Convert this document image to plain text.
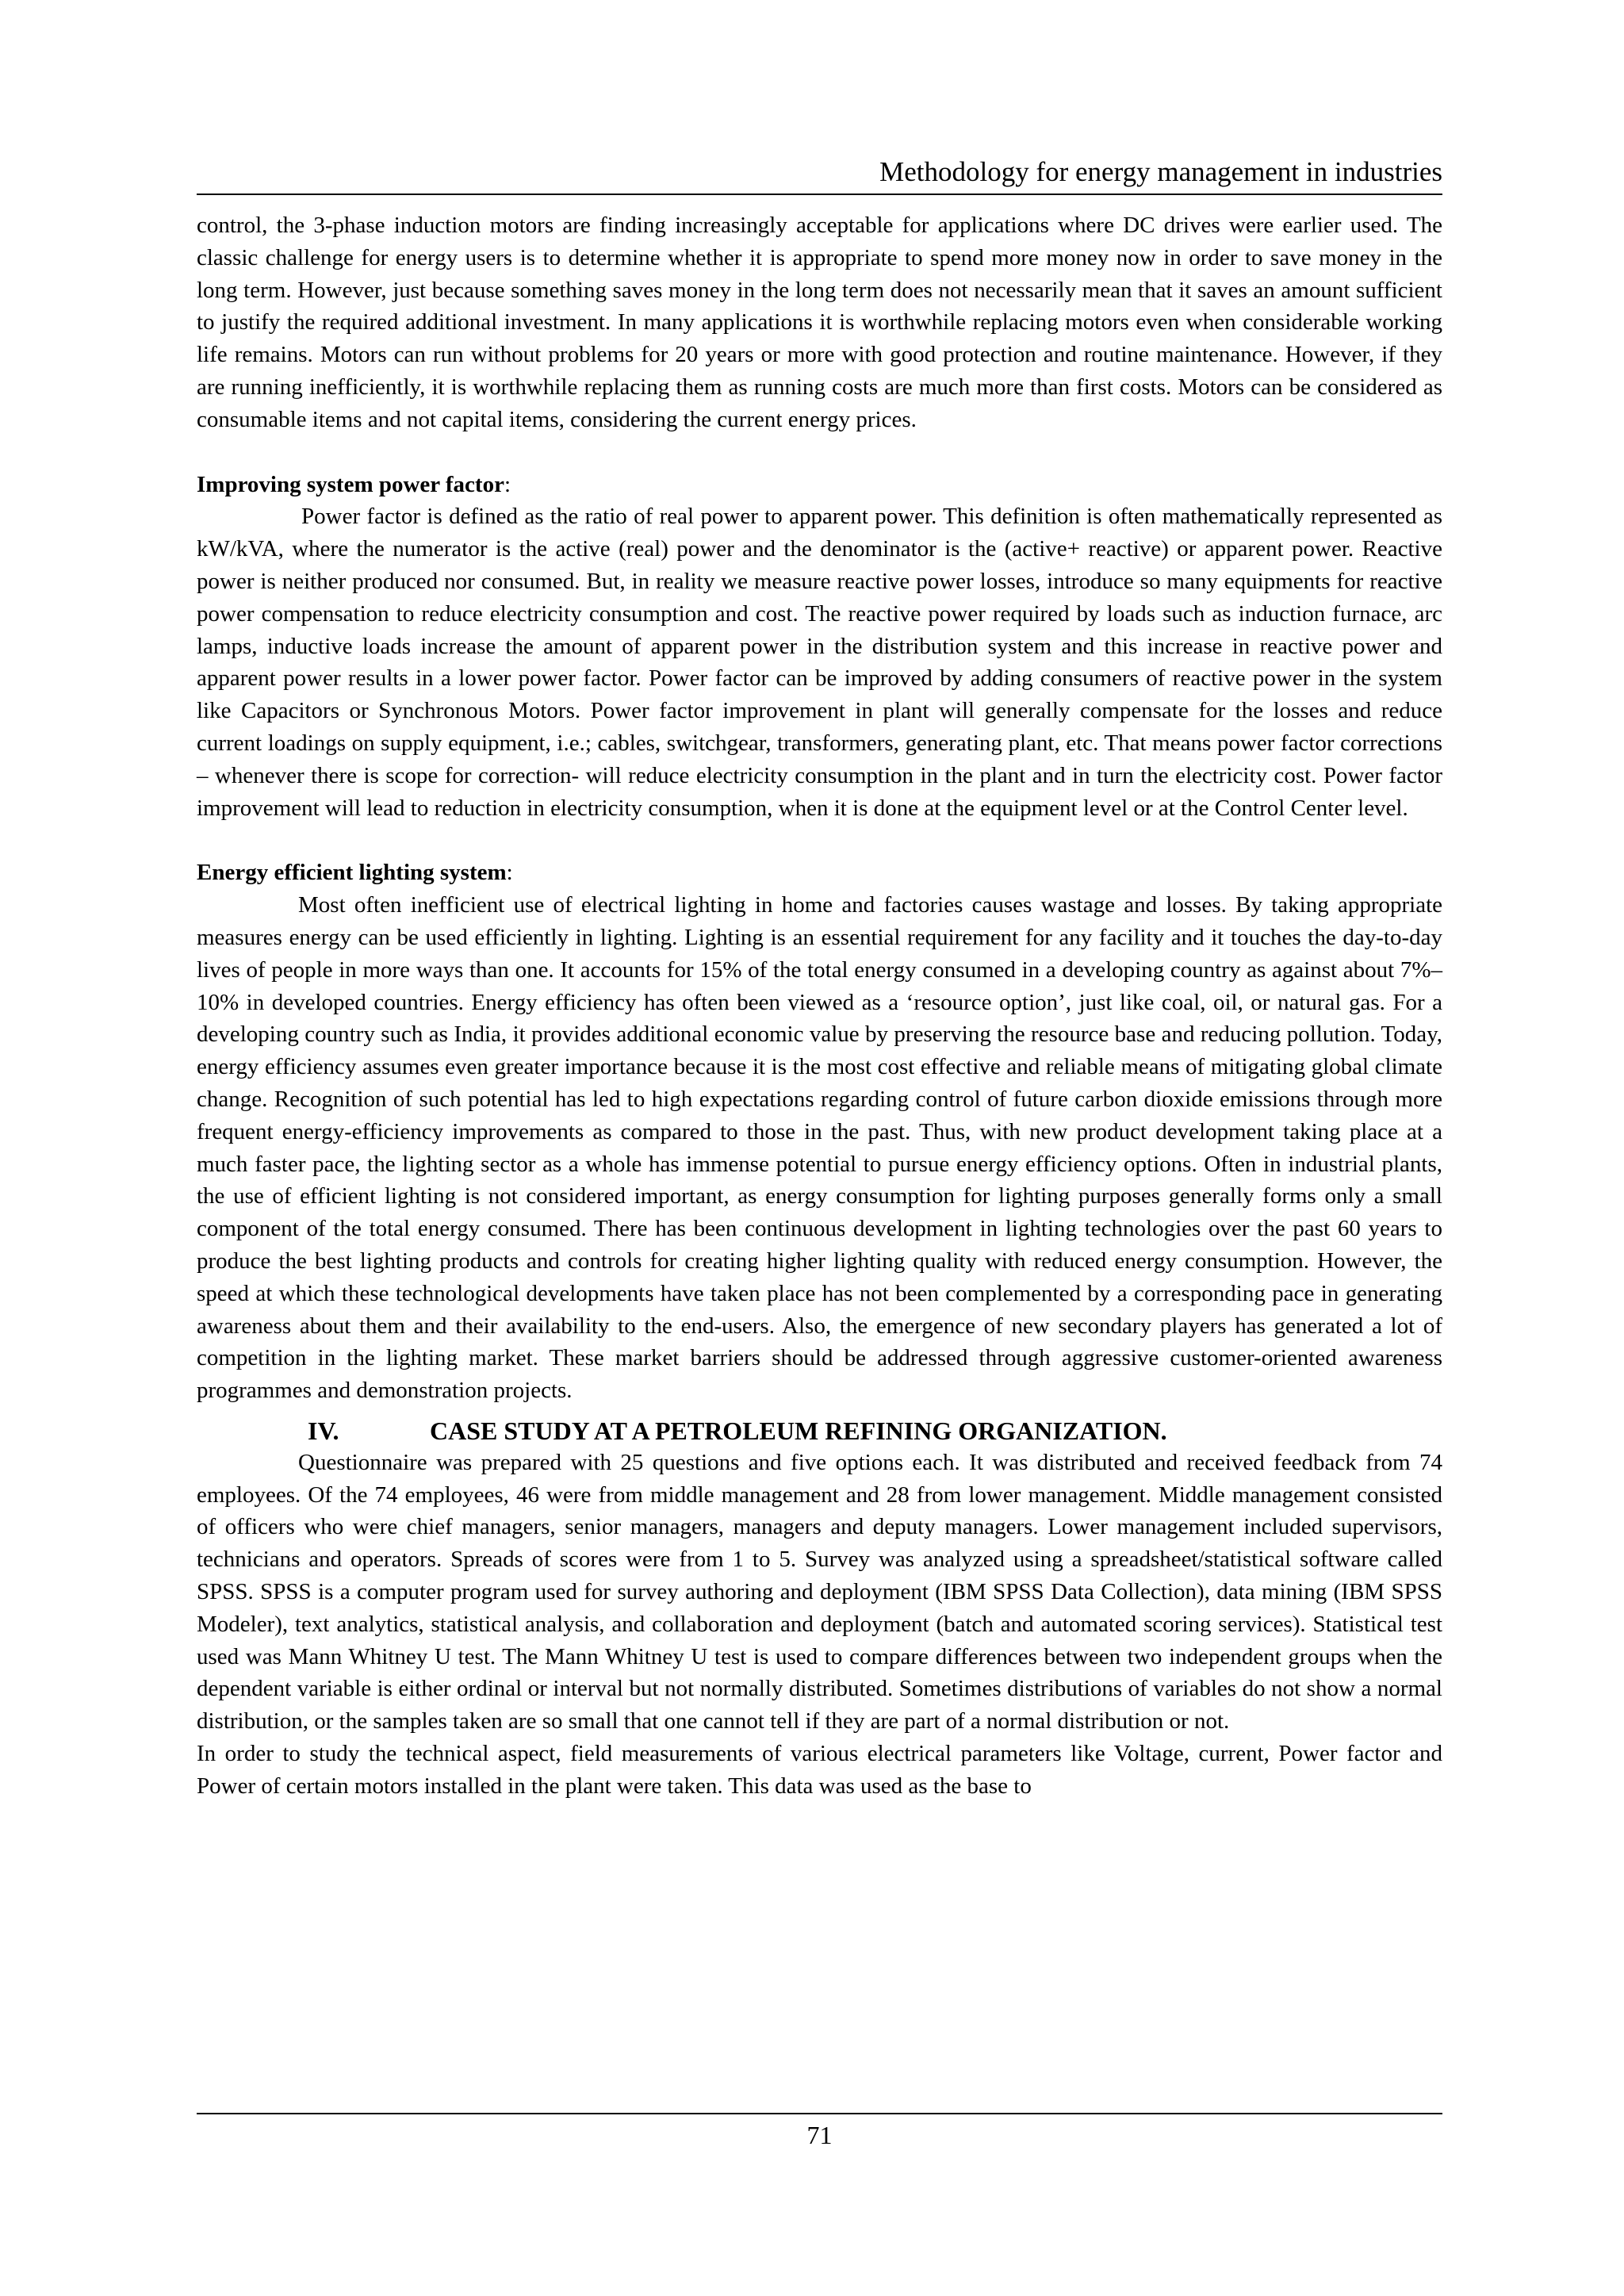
Methodology for energy management in industries

control, the 3-phase induction motors are finding increasingly acceptable for applications where DC drives were earlier used. The classic challenge for energy users is to determine whether it is appropriate to spend more money now in order to save money in the long term. However, just because something saves money in the long term does not necessarily mean that it saves an amount sufficient to justify the required additional investment. In many applications it is worthwhile replacing motors even when considerable working life remains. Motors can run without problems for 20 years or more with good protection and routine maintenance. However, if they are running inefficiently, it is worthwhile replacing them as running costs are much more than first costs. Motors can be considered as consumable items and not capital items, considering the current energy prices.

Improving system power factor:

Power factor is defined as the ratio of real power to apparent power. This definition is often mathematically represented as kW/kVA, where the numerator is the active (real) power and the denominator is the (active+ reactive) or apparent power. Reactive power is neither produced nor consumed. But, in reality we measure reactive power losses, introduce so many equipments for reactive power compensation to reduce electricity consumption and cost. The reactive power required by loads such as induction furnace, arc lamps, inductive loads increase the amount of apparent power in the distribution system and this increase in reactive power and apparent power results in a lower power factor. Power factor can be improved by adding consumers of reactive power in the system like Capacitors or Synchronous Motors. Power factor improvement in plant will generally compensate for the losses and reduce current loadings on supply equipment, i.e.; cables, switchgear, transformers, generating plant, etc. That means power factor corrections – whenever there is scope for correction- will reduce electricity consumption in the plant and in turn the electricity cost. Power factor improvement will lead to reduction in electricity consumption, when it is done at the equipment level or at the Control Center level.

Energy efficient lighting system:

Most often inefficient use of electrical lighting in home and factories causes wastage and losses. By taking appropriate measures energy can be used efficiently in lighting. Lighting is an essential requirement for any facility and it touches the day-to-day lives of people in more ways than one. It accounts for 15% of the total energy consumed in a developing country as against about 7%–10% in developed countries. Energy efficiency has often been viewed as a ‘resource option’, just like coal, oil, or natural gas. For a developing country such as India, it provides additional economic value by preserving the resource base and reducing pollution. Today, energy efficiency assumes even greater importance because it is the most cost effective and reliable means of mitigating global climate change. Recognition of such potential has led to high expectations regarding control of future carbon dioxide emissions through more frequent energy-efficiency improvements as compared to those in the past. Thus, with new product development taking place at a much faster pace, the lighting sector as a whole has immense potential to pursue energy efficiency options. Often in industrial plants, the use of efficient lighting is not considered important, as energy consumption for lighting purposes generally forms only a small component of the total energy consumed. There has been continuous development in lighting technologies over the past 60 years to produce the best lighting products and controls for creating higher lighting quality with reduced energy consumption. However, the speed at which these technological developments have taken place has not been complemented by a corresponding pace in generating awareness about them and their availability to the end-users. Also, the emergence of new secondary players has generated a lot of competition in the lighting market. These market barriers should be addressed through aggressive customer-oriented awareness programmes and demonstration projects.

IV.	CASE STUDY AT A PETROLEUM REFINING ORGANIZATION.

Questionnaire was prepared with 25 questions and five options each. It was distributed and received feedback from 74 employees. Of the 74 employees, 46 were from middle management and 28 from lower management. Middle management consisted of officers who were chief managers, senior managers, managers and deputy managers. Lower management included supervisors, technicians and operators. Spreads of scores were from 1 to 5. Survey was analyzed using a spreadsheet/statistical software called SPSS. SPSS is a computer program used for survey authoring and deployment (IBM SPSS Data Collection), data mining (IBM SPSS Modeler), text analytics, statistical analysis, and collaboration and deployment (batch and automated scoring services). Statistical test used was Mann Whitney U test. The Mann Whitney U test is used to compare differences between two independent groups when the dependent variable is either ordinal or interval but not normally distributed. Sometimes distributions of variables do not show a normal distribution, or the samples taken are so small that one cannot tell if they are part of a normal distribution or not.

In order to study the technical aspect, field measurements of various electrical parameters like Voltage, current, Power factor and Power of certain motors installed in the plant were taken. This data was used as the base to

71
